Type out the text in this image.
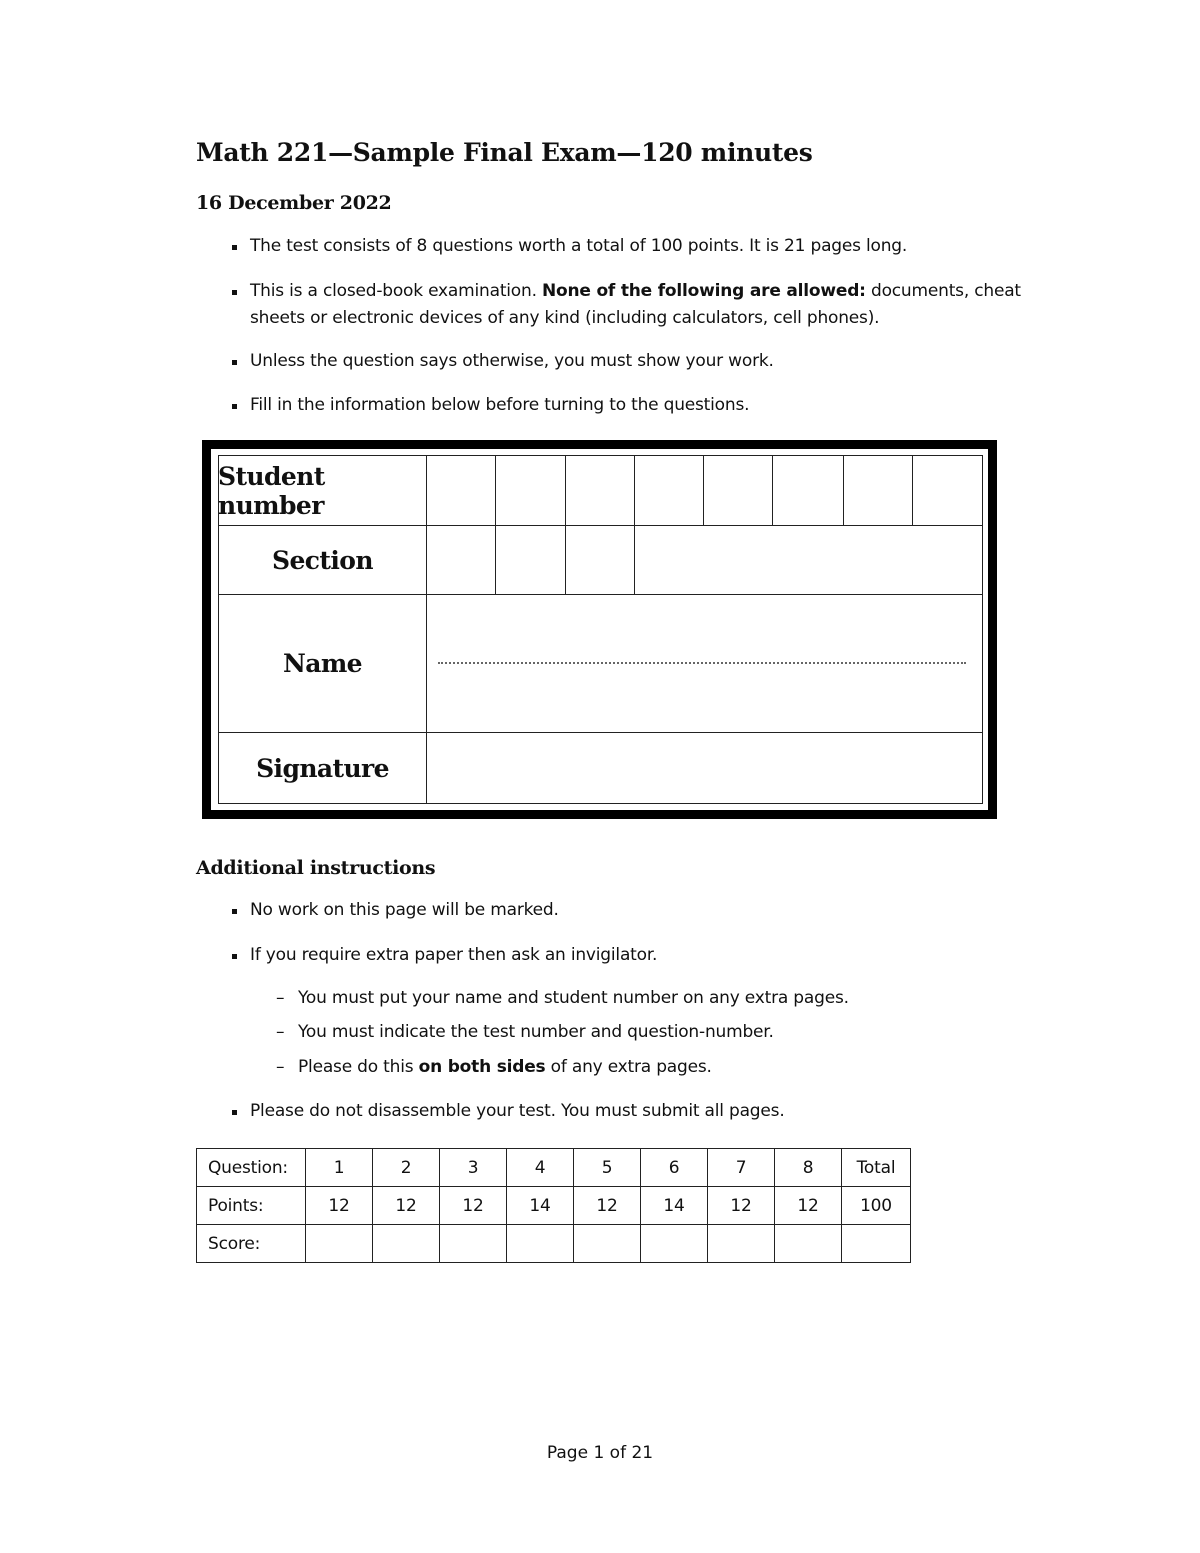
Math 221—Sample Final Exam—120 minutes
16 December 2022
The test consists of 8 questions worth a total of 100 points. It is 21 pages long.
This is a closed-book examination. None of the following are allowed: documents, cheat sheets or electronic devices of any kind (including calculators, cell phones).
Unless the question says otherwise, you must show your work.
Fill in the information below before turning to the questions.
Student number
Section
Name
Signature
Additional instructions
No work on this page will be marked.
If you require extra paper then ask an invigilator.
– You must put your name and student number on any extra pages.
– You must indicate the test number and question-number.
– Please do this on both sides of any extra pages.
Please do not disassemble your test. You must submit all pages.
Question:	1	2	3	4	5	6	7	8	Total
Points:	12	12	12	14	12	14	12	12	100
Score:									
Page 1 of 21
